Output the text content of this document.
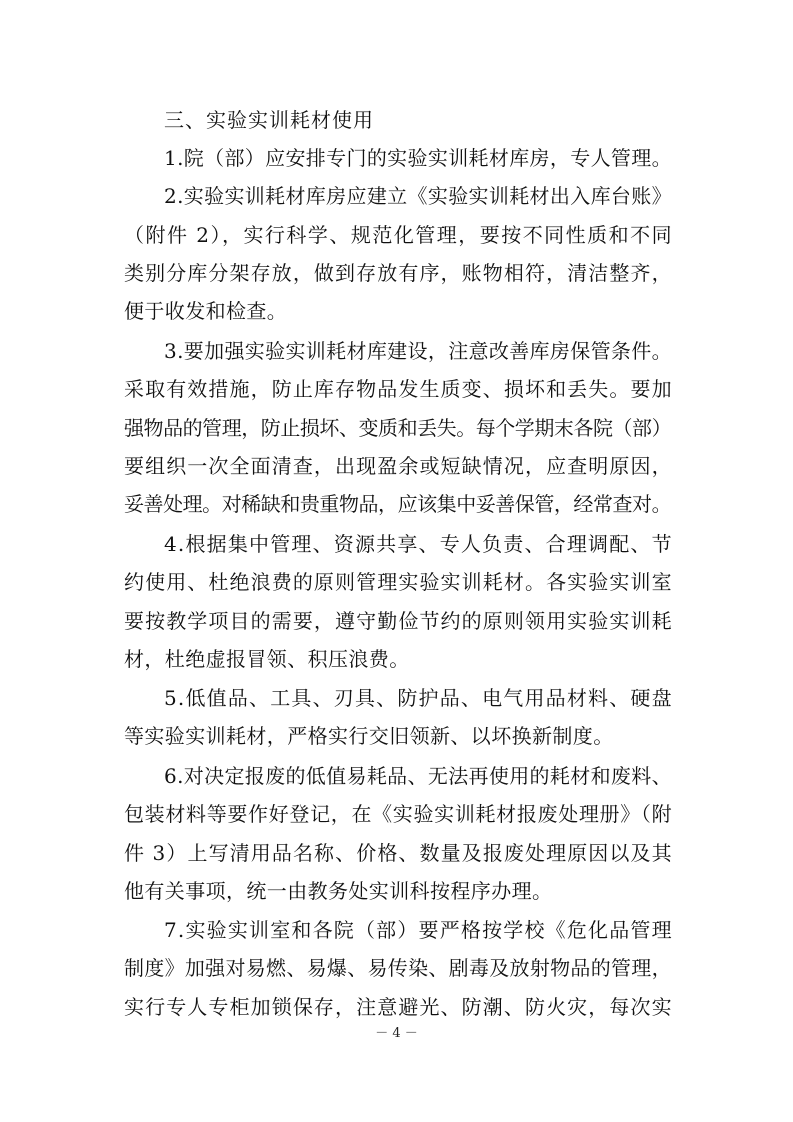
三、实验实训耗材使用

1.院（部）应安排专门的实验实训耗材库房，专人管理。

2.实验实训耗材库房应建立《实验实训耗材出入库台账》

（附件 2），实行科学、规范化管理，要按不同性质和不同

类别分库分架存放，做到存放有序，账物相符，清洁整齐，

便于收发和检查。

3.要加强实验实训耗材库建设，注意改善库房保管条件。

采取有效措施，防止库存物品发生质变、损坏和丢失。要加

强物品的管理，防止损坏、变质和丢失。每个学期末各院（部）

要组织一次全面清查，出现盈余或短缺情况，应查明原因，

妥善处理。对稀缺和贵重物品，应该集中妥善保管，经常查对。

4.根据集中管理、资源共享、专人负责、合理调配、节

约使用、杜绝浪费的原则管理实验实训耗材。各实验实训室

要按教学项目的需要，遵守勤俭节约的原则领用实验实训耗

材，杜绝虚报冒领、积压浪费。

5.低值品、工具、刃具、防护品、电气用品材料、硬盘

等实验实训耗材，严格实行交旧领新、以坏换新制度。

6.对决定报废的低值易耗品、无法再使用的耗材和废料、

包装材料等要作好登记，在《实验实训耗材报废处理册》（附

件 3）上写清用品名称、价格、数量及报废处理原因以及其

他有关事项，统一由教务处实训科按程序办理。

7.实验实训室和各院（部）要严格按学校《危化品管理

制度》加强对易燃、易爆、易传染、剧毒及放射物品的管理，

实行专人专柜加锁保存，注意避光、防潮、防火灾，每次实

－ 4 －
